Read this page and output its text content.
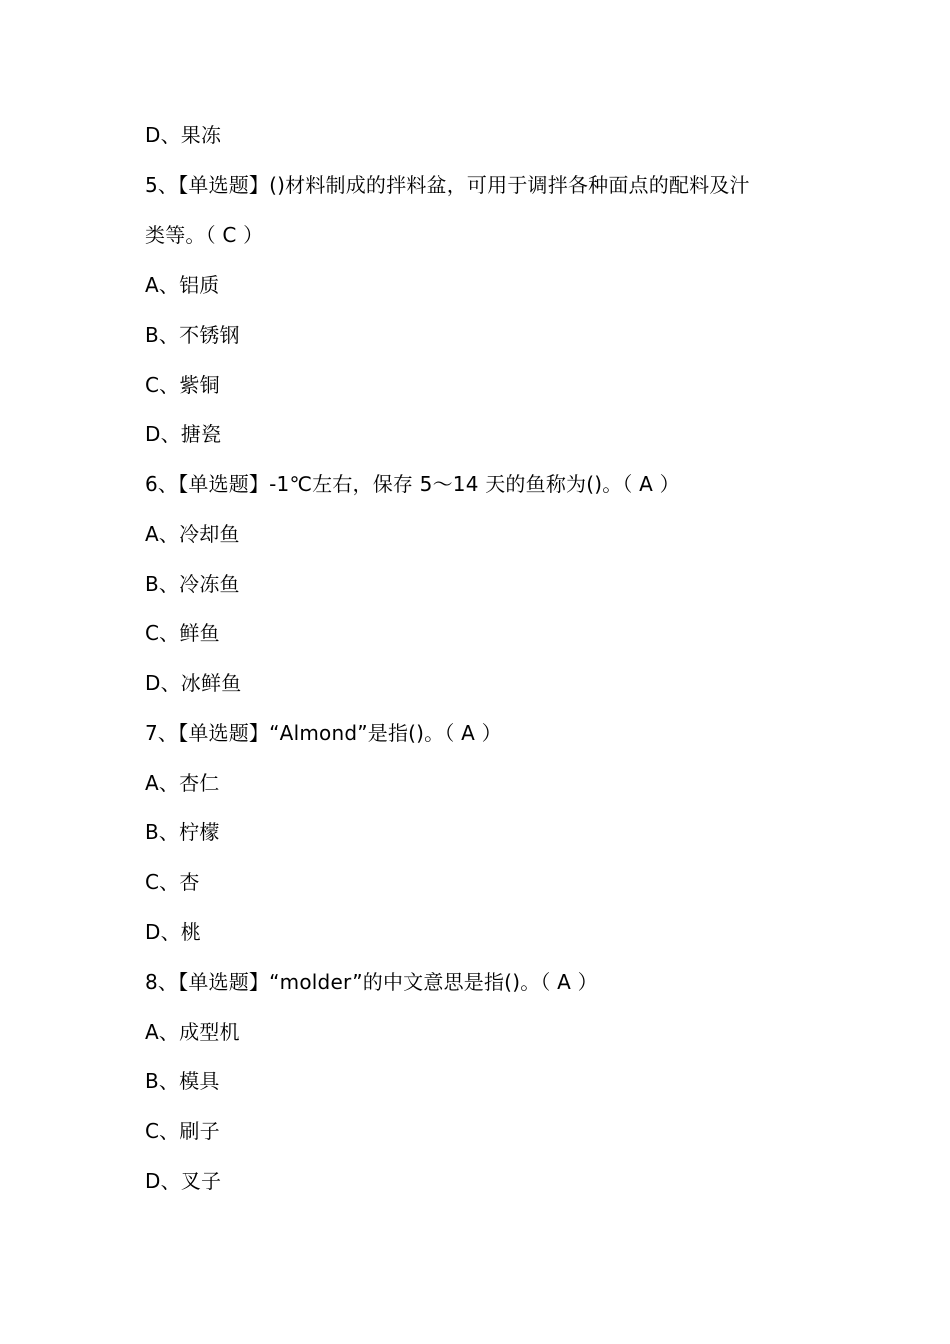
D、果冻
5、【单选题】()材料制成的拌料盆，可用于调拌各种面点的配料及汁
类等。（ C ）
A、铝质
B、不锈钢
C、紫铜
D、搪瓷
6、【单选题】-1℃左右，保存 5～14 天的鱼称为()。（ A ）
A、冷却鱼
B、冷冻鱼
C、鲜鱼
D、冰鲜鱼
7、【单选题】“Almond”是指()。（ A ）
A、杏仁
B、柠檬
C、杏
D、桃
8、【单选题】“molder”的中文意思是指()。（ A ）
A、成型机
B、模具
C、刷子
D、叉子
